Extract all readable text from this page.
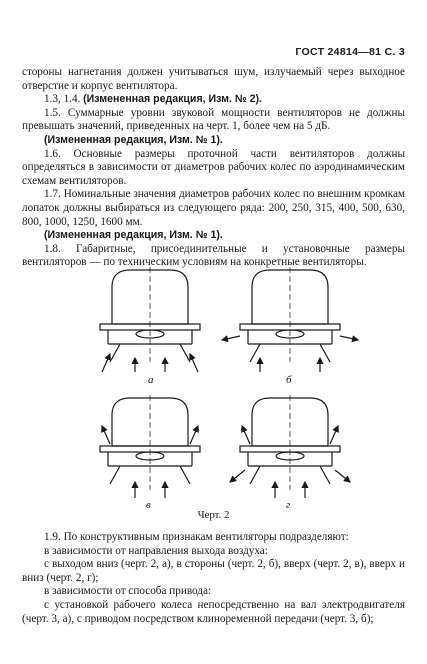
ГОСТ 24814—81 С. 3

стороны нагнетания должен учитываться шум, излучаемый через выходное отверстие и корпус вентилятора.

1.3, 1.4. (Измененная редакция, Изм. № 2).

1.5. Суммарные уровни звуковой мощности вентиляторов не должны превышать значений, приведенных на черт. 1, более чем на 5 дБ.

(Измененная редакция, Изм. № 1).

1.6. Основные размеры проточной части вентиляторов должны определяться в зависимости от диаметров рабочих колес по аэродинамическим схемам вентиляторов.

1.7. Номинальные значения диаметров рабочих колес по внешним кромкам лопаток должны выбираться из следующего ряда: 200, 250, 315, 400, 500, 630, 800, 1000, 1250, 1600 мм.

(Измененная редакция, Изм. № 1).

1.8. Габаритные, присоединительные и установочные размеры вентиляторов — по техническим условиям на конкретные вентиляторы.

а	б
в	г
Черт. 2

1.9. По конструктивным признакам вентиляторы подразделяют:

в зависимости от направления выхода воздуха:

с выходом вниз (черт. 2, а), в стороны (черт. 2, б), вверх (черт. 2, в), вверх и вниз (черт. 2, г);

в зависимости от способа привода:

с установкой рабочего колеса непосредственно на вал электродвигателя (черт. 3, а), с приводом посредством клиноременной передачи (черт. 3, б);
